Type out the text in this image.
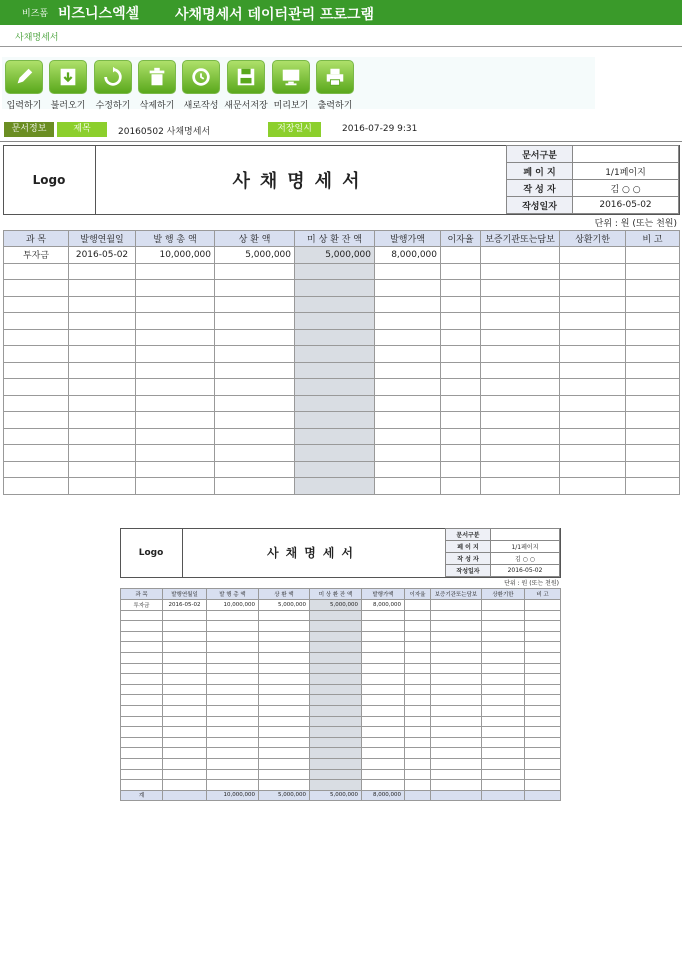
비즈폼 비즈니스엑셀	사채명세서 데이터관리 프로그램
사채명세서
입력하기	불러오기	수정하기	삭제하기	새로작성 새문서저장 미리보기	출력하기
문서정보	제목	20160502 사채명세서	저장일시	2016-07-29 9:31
Logo	사채명세서
문서구분	
페 이 지	1/1페이지
작 성 자	김 ○ ○
작성일자	2016-05-02
단위 : 원 (또는 천원)
과 목	발행연월일	발 행 총 액	상 환 액	미 상 환 잔 액	발행가액	이자율	보증기관또는담보	상환기한	비 고
투자금	2016-05-02	10,000,000	5,000,000	5,000,000	8,000,000				

Logo	사채명세서
문서구분	
페 이 지	1/1페이지
작 성 자	김 ○ ○
작성일자	2016-05-02
단위 : 원 (또는 천원)
과 목	발행연월일	발 행 총 액	상 환 액	미 상 환 잔 액	발행가액	이자율	보증기관또는담보	상환기한	비 고
투자금	2016-05-02	10,000,000	5,000,000	5,000,000	8,000,000				

계		10,000,000	5,000,000	5,000,000	8,000,000				
